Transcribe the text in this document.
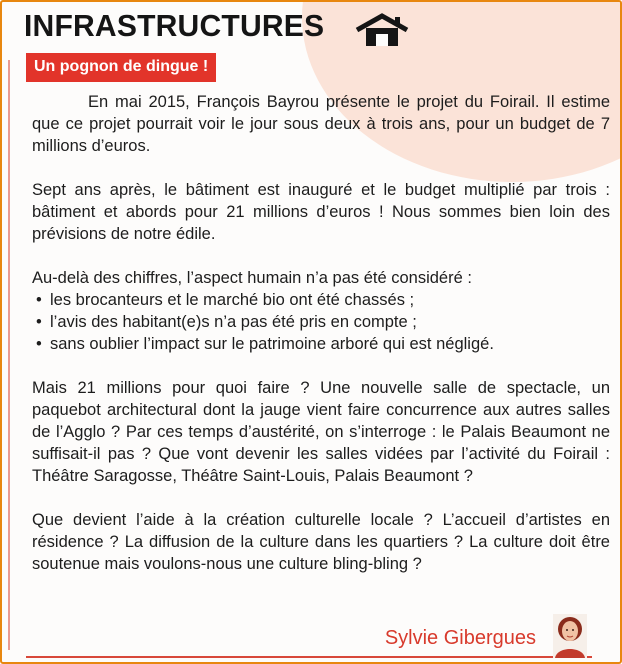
INFRASTRUCTURES
Un pognon de dingue !

En mai 2015, François Bayrou présente le projet du Foirail. Il estime que ce projet pourrait voir le jour sous deux à trois ans, pour un budget de 7 millions d’euros.

Sept ans après, le bâtiment est inauguré et le budget multiplié par trois : bâtiment et abords pour 21 millions d’euros ! Nous sommes bien loin des prévisions de notre édile.

Au-delà des chiffres, l’aspect humain n’a pas été considéré :

• les brocanteurs et le marché bio ont été chassés ;
• l’avis des habitant(e)s n’a pas été pris en compte ;
• sans oublier l’impact sur le patrimoine arboré qui est négligé.

Mais 21 millions pour quoi faire ? Une nouvelle salle de spectacle, un paquebot architectural dont la jauge vient faire concurrence aux autres salles de l’Agglo ? Par ces temps d’austérité, on s’interroge : le Palais Beaumont ne suffisait-il pas ? Que vont devenir les salles vidées par l’activité du Foirail : Théâtre Saragosse, Théâtre Saint-Louis, Palais Beaumont ?

Que devient l’aide à la création culturelle locale ? L’accueil d’artistes en résidence ? La diffusion de la culture dans les quartiers ? La culture doit être soutenue mais voulons-nous une culture bling-bling ?

Sylvie Gibergues
